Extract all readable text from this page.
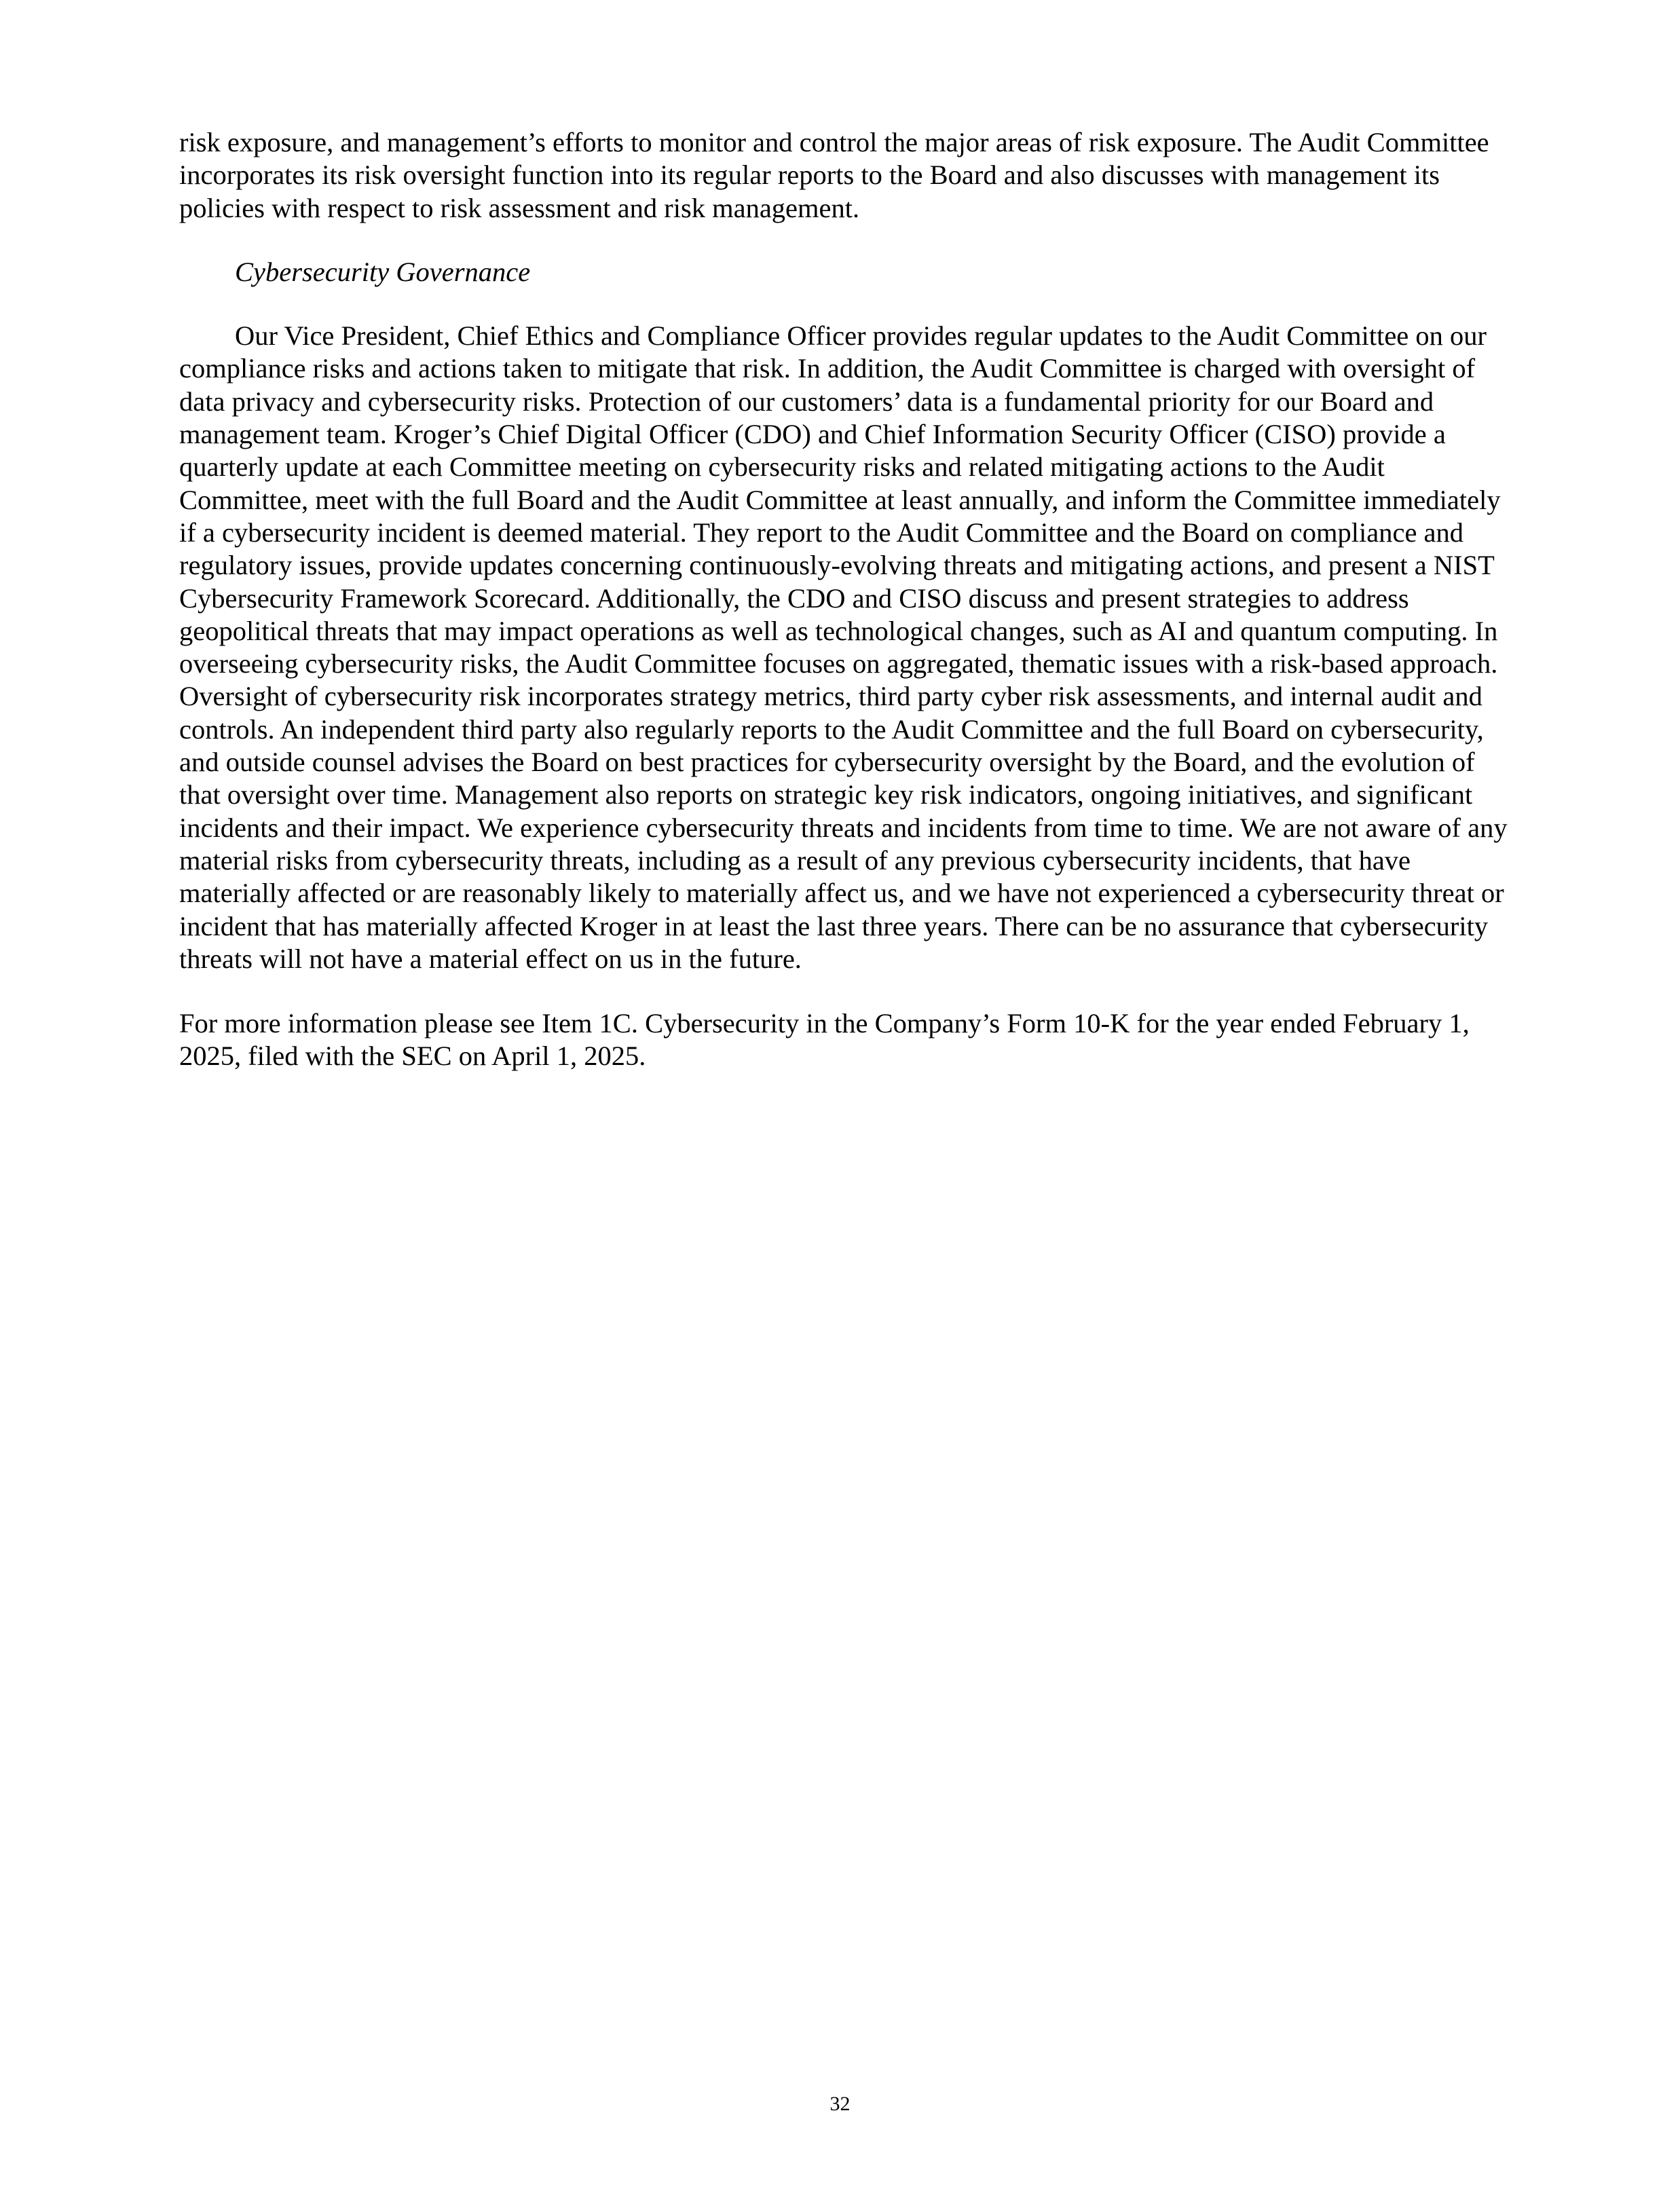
risk exposure, and management’s efforts to monitor and control the major areas of risk exposure. The Audit Committee incorporates its risk oversight function into its regular reports to the Board and also discusses with management its policies with respect to risk assessment and risk management.

Cybersecurity Governance

Our Vice President, Chief Ethics and Compliance Officer provides regular updates to the Audit Committee on our compliance risks and actions taken to mitigate that risk. In addition, the Audit Committee is charged with oversight of data privacy and cybersecurity risks. Protection of our customers’ data is a fundamental priority for our Board and management team. Kroger’s Chief Digital Officer (CDO) and Chief Information Security Officer (CISO) provide a quarterly update at each Committee meeting on cybersecurity risks and related mitigating actions to the Audit Committee, meet with the full Board and the Audit Committee at least annually, and inform the Committee immediately if a cybersecurity incident is deemed material. They report to the Audit Committee and the Board on compliance and regulatory issues, provide updates concerning continuously-evolving threats and mitigating actions, and present a NIST Cybersecurity Framework Scorecard. Additionally, the CDO and CISO discuss and present strategies to address geopolitical threats that may impact operations as well as technological changes, such as AI and quantum computing. In overseeing cybersecurity risks, the Audit Committee focuses on aggregated, thematic issues with a risk-based approach. Oversight of cybersecurity risk incorporates strategy metrics, third party cyber risk assessments, and internal audit and controls. An independent third party also regularly reports to the Audit Committee and the full Board on cybersecurity, and outside counsel advises the Board on best practices for cybersecurity oversight by the Board, and the evolution of that oversight over time. Management also reports on strategic key risk indicators, ongoing initiatives, and significant incidents and their impact. We experience cybersecurity threats and incidents from time to time. We are not aware of any material risks from cybersecurity threats, including as a result of any previous cybersecurity incidents, that have materially affected or are reasonably likely to materially affect us, and we have not experienced a cybersecurity threat or incident that has materially affected Kroger in at least the last three years. There can be no assurance that cybersecurity threats will not have a material effect on us in the future.

For more information please see Item 1C. Cybersecurity in the Company’s Form 10-K for the year ended February 1, 2025, filed with the SEC on April 1, 2025.

32
